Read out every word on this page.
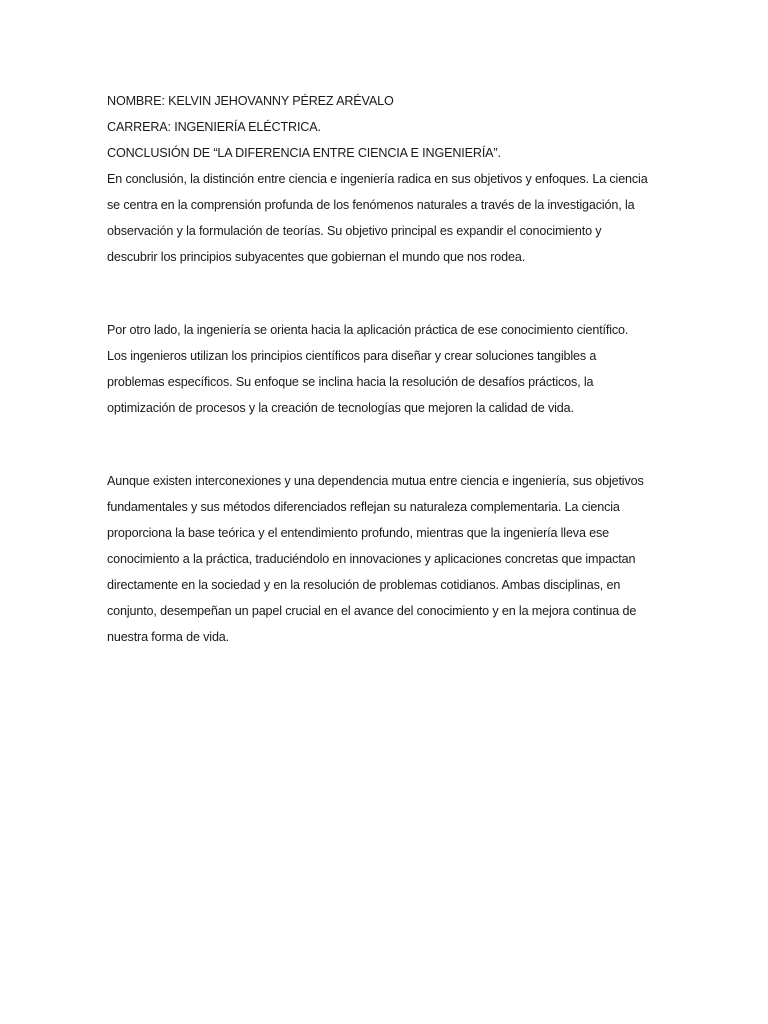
NOMBRE: KELVIN JEHOVANNY PÉREZ ARÉVALO

CARRERA: INGENIERÍA ELÉCTRICA.

CONCLUSIÓN DE “LA DIFERENCIA ENTRE CIENCIA E INGENIERÍA”.

En conclusión, la distinción entre ciencia e ingeniería radica en sus objetivos y enfoques. La ciencia

se centra en la comprensión profunda de los fenómenos naturales a través de la investigación, la

observación y la formulación de teorías. Su objetivo principal es expandir el conocimiento y

descubrir los principios subyacentes que gobiernan el mundo que nos rodea.

Por otro lado, la ingeniería se orienta hacia la aplicación práctica de ese conocimiento científico.

Los ingenieros utilizan los principios científicos para diseñar y crear soluciones tangibles a

problemas específicos. Su enfoque se inclina hacia la resolución de desafíos prácticos, la

optimización de procesos y la creación de tecnologías que mejoren la calidad de vida.

Aunque existen interconexiones y una dependencia mutua entre ciencia e ingeniería, sus objetivos

fundamentales y sus métodos diferenciados reflejan su naturaleza complementaria. La ciencia

proporciona la base teórica y el entendimiento profundo, mientras que la ingeniería lleva ese

conocimiento a la práctica, traduciéndolo en innovaciones y aplicaciones concretas que impactan

directamente en la sociedad y en la resolución de problemas cotidianos. Ambas disciplinas, en

conjunto, desempeñan un papel crucial en el avance del conocimiento y en la mejora continua de

nuestra forma de vida.
